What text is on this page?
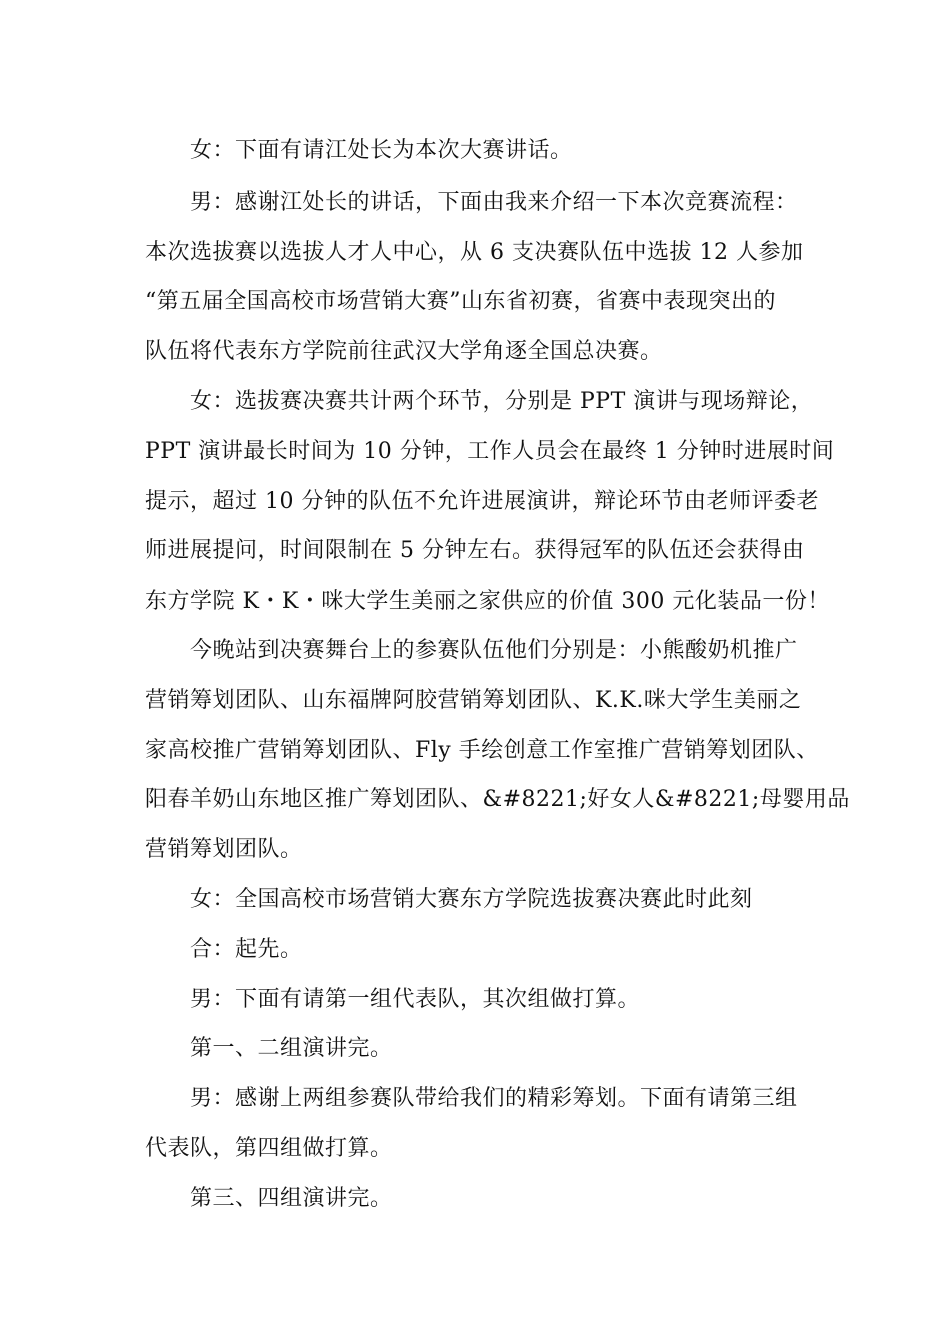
女：下面有请江处长为本次大赛讲话。
男：感谢江处长的讲话，下面由我来介绍一下本次竞赛流程：
本次选拔赛以选拔人才人中心，从 6 支决赛队伍中选拔 12 人参加
“第五届全国高校市场营销大赛”山东省初赛，省赛中表现突出的
队伍将代表东方学院前往武汉大学角逐全国总决赛。
女：选拔赛决赛共计两个环节，分别是 PPT 演讲与现场辩论，
PPT 演讲最长时间为 10 分钟，工作人员会在最终 1 分钟时进展时间
提示，超过 10 分钟的队伍不允许进展演讲，辩论环节由老师评委老
师进展提问，时间限制在 5 分钟左右。获得冠军的队伍还会获得由
东方学院 K・K・咪大学生美丽之家供应的价值 300 元化装品一份！
今晚站到决赛舞台上的参赛队伍他们分别是：小熊酸奶机推广
营销筹划团队、山东福牌阿胶营销筹划团队、K.K.咪大学生美丽之
家高校推广营销筹划团队、Fly 手绘创意工作室推广营销筹划团队、
阳春羊奶山东地区推广筹划团队、&#8221;好女人&#8221;母婴用品
营销筹划团队。
女：全国高校市场营销大赛东方学院选拔赛决赛此时此刻
合：起先。
男：下面有请第一组代表队，其次组做打算。
第一、二组演讲完。
男：感谢上两组参赛队带给我们的精彩筹划。下面有请第三组
代表队，第四组做打算。
第三、四组演讲完。
